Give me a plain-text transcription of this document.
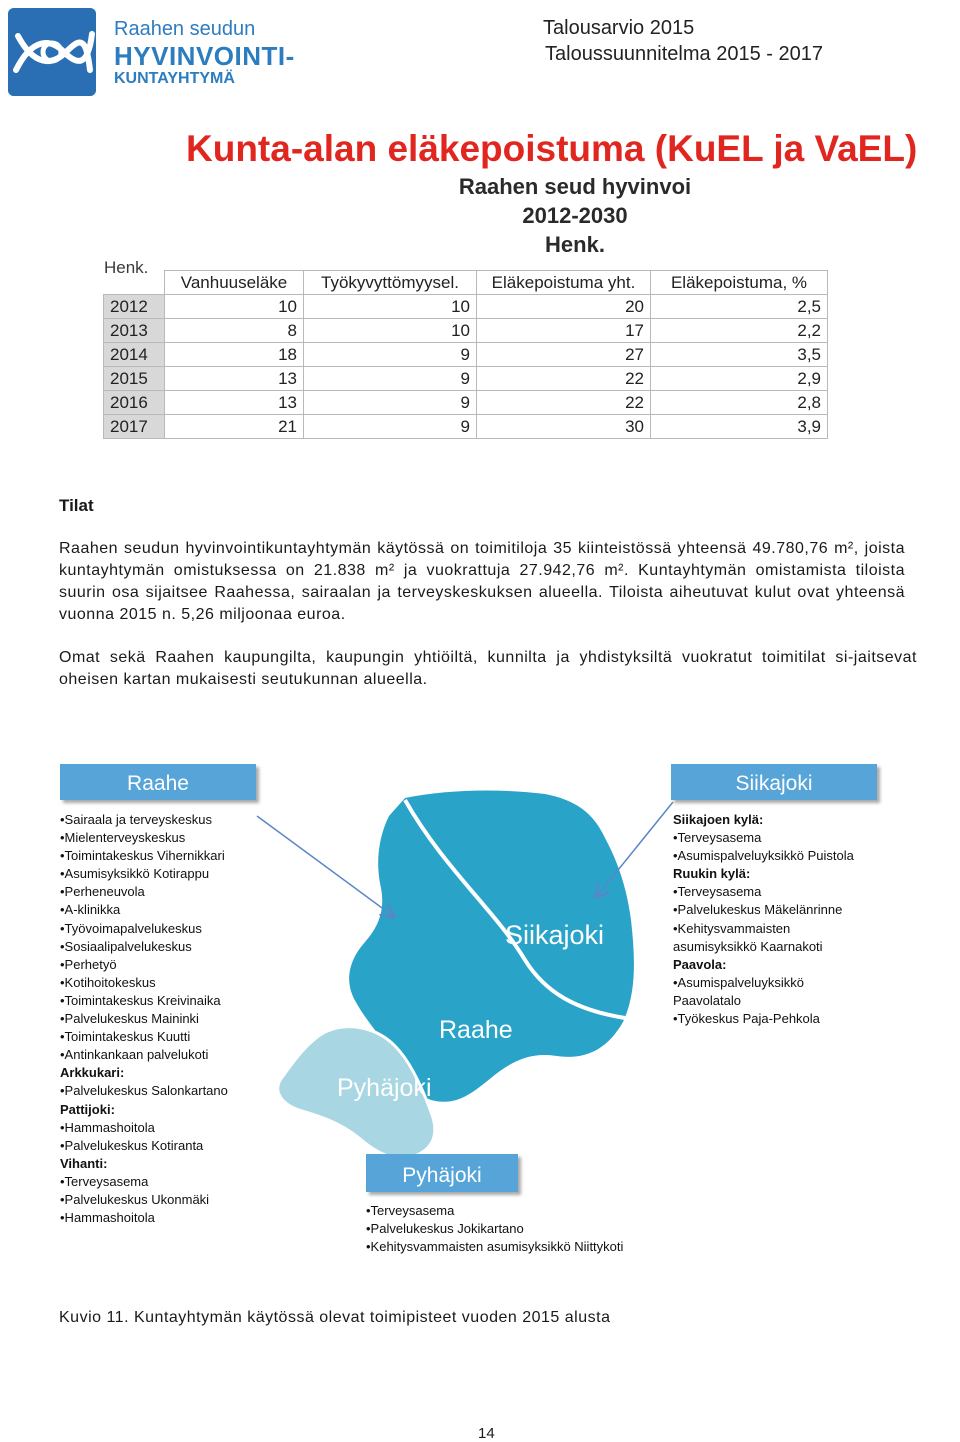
Raahen seudun
HYVINVOINTI-
KUNTAYHTYMÄ
Talousarvio 2015
Taloussuunnitelma 2015 - 2017
Kunta-alan eläkepoistuma (KuEL ja VaEL)
Raahen seud hyvinvoi
2012-2030
Henk.
Henk.
	Vanhuuseläke	Työkyvyttömyysel.	Eläkepoistuma yht.	Eläkepoistuma, %
2012	10	10	20	2,5
2013	8	10	17	2,2
2014	18	9	27	3,5
2015	13	9	22	2,9
2016	13	9	22	2,8
2017	21	9	30	3,9
Tilat
Raahen seudun hyvinvointikuntayhtymän käytössä on toimitiloja 35 kiinteistössä yhteensä 49.780,76 m², joista kuntayhtymän omistuksessa on 21.838 m² ja vuokrattuja 27.942,76 m². Kuntayhtymän omistamista tiloista suurin osa sijaitsee Raahessa, sairaalan ja terveyskeskuksen alueella. Tiloista aiheutuvat kulut ovat yhteensä vuonna 2015 n. 5,26 miljoonaa euroa.
Omat sekä Raahen kaupungilta, kaupungin yhtiöiltä, kunnilta ja yhdistyksiltä vuokratut toimitilat si-jaitsevat oheisen kartan mukaisesti seutukunnan alueella.
Siikajoki
Raahe
Pyhäjoki
Raahe
•Sairaala ja terveyskeskus
•Mielenterveyskeskus
•Toimintakeskus Vihernikkari
•Asumisyksikkö Kotirappu
•Perheneuvola
•A-klinikka
•Työvoimapalvelukeskus
•Sosiaalipalvelukeskus
•Perhetyö
•Kotihoitokeskus
•Toimintakeskus Kreivinaika
•Palvelukeskus Maininki
•Toimintakeskus Kuutti
•Antinkankaan palvelukoti
Arkkukari:
•Palvelukeskus Salonkartano
Pattijoki:
•Hammashoitola
•Palvelukeskus Kotiranta
Vihanti:
•Terveysasema
•Palvelukeskus Ukonmäki
•Hammashoitola
Siikajoki
Siikajoen kylä:
•Terveysasema
•Asumispalveluyksikkö Puistola
Ruukin kylä:
•Terveysasema
•Palvelukeskus Mäkelänrinne
•Kehitysvammaisten
asumisyksikkö Kaarnakoti
Paavola:
•Asumispalveluyksikkö
Paavolatalo
•Työkeskus Paja-Pehkola
Pyhäjoki
•Terveysasema
•Palvelukeskus Jokikartano
•Kehitysvammaisten asumisyksikkö Niittykoti
Kuvio 11. Kuntayhtymän käytössä olevat toimipisteet vuoden 2015 alusta
14
